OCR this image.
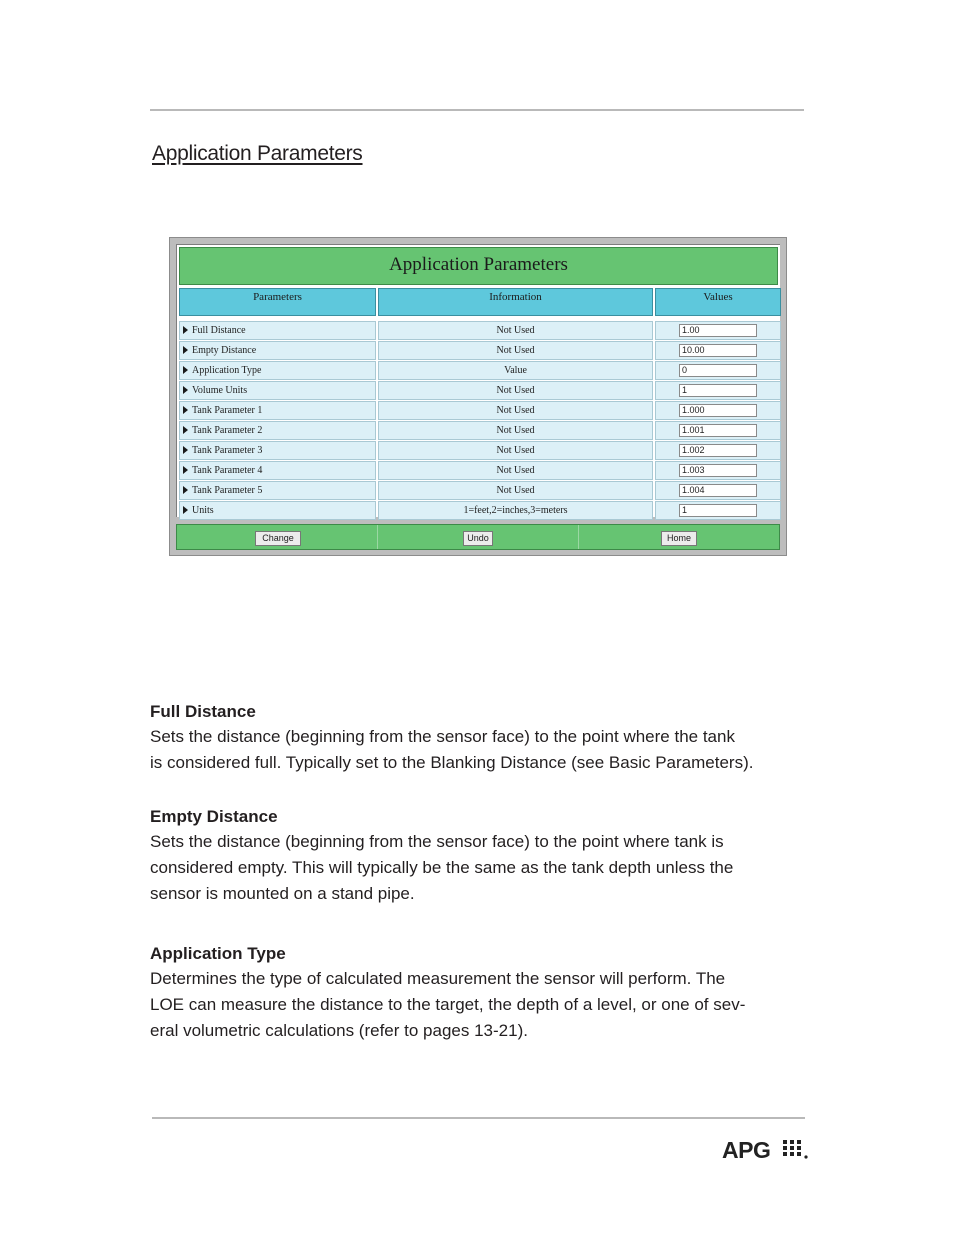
Application Parameters
Application Parameters
Parameters	Information	Values
Full Distance	Not Used	1.00
Empty Distance	Not Used	10.00
Application Type	Value	0
Volume Units	Not Used	1
Tank Parameter 1	Not Used	1.000
Tank Parameter 2	Not Used	1.001
Tank Parameter 3	Not Used	1.002
Tank Parameter 4	Not Used	1.003
Tank Parameter 5	Not Used	1.004
Units	1=feet,2=inches,3=meters	1
Change	Undo	Home
Full Distance
Sets the distance (beginning from the sensor face) to the point where the tank
is considered full. Typically set to the Blanking Distance (see Basic Parameters).
Empty Distance
Sets the distance (beginning from the sensor face) to the point where tank is
considered empty. This will typically be the same as the tank depth unless the
sensor is mounted on a stand pipe.
Application Type
Determines the type of calculated measurement the sensor will perform. The
LOE can measure the distance to the target, the depth of a level, or one of sev-
eral volumetric calculations (refer to pages 13-21).
APG
